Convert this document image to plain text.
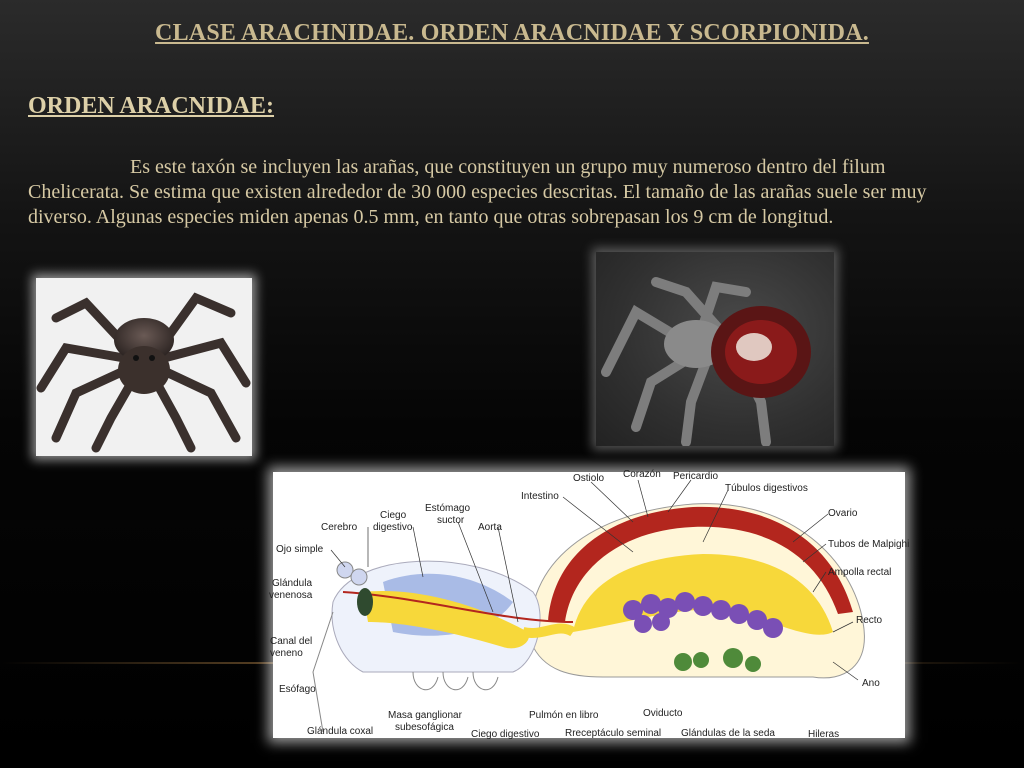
CLASE ARACHNIDAE. ORDEN ARACNIDAE Y SCORPIONIDA.
ORDEN ARACNIDAE:
Es este taxón se incluyen las arañas, que constituyen un grupo muy numeroso dentro del filum Chelicerata. Se estima que existen alrededor de 30 000 especies descritas. El tamaño de las arañas suele ser muy diverso. Algunas especies miden apenas 0.5 mm, en tanto que otras sobrepasan los 9 cm de longitud.
Ostiolo Corazón Pericardio
Túbulos digestivos
Intestino
Estómago
suctor
Ciego
digestivo
Cerebro	Aorta
Ovario
Tubos de Malpighi
Ampolla rectal
Recto
Ano
Ojo simple
Glándula
venenosa
Canal del
veneno
Esófago
Masa ganglionar
subesofágica
Glándula coxal	Ciego digestivo
Pulmón en libro
Rreceptáculo seminal
Oviducto
Glándulas de la seda	Hileras
